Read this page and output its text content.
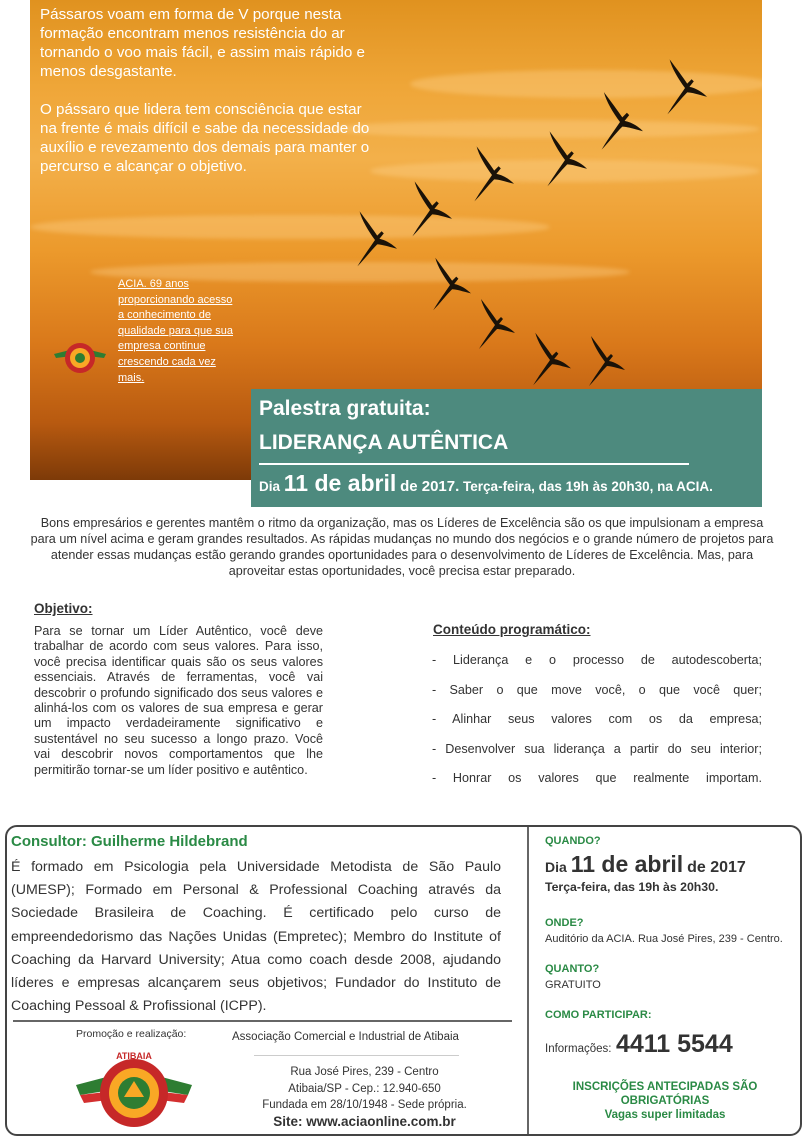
Pássaros voam em forma de V porque nesta formação encontram menos resistência do ar tornando o voo mais fácil, e assim mais rápido e menos desgastante.

O pássaro que lidera tem consciência que estar na frente é mais difícil e sabe da necessidade do auxílio e revezamento dos demais para manter o percurso e alcançar o objetivo.

ACIA. 69 anos proporcionando acesso a conhecimento de qualidade para que sua empresa continue crescendo cada vez mais.
Palestra gratuita:
LIDERANÇA AUTÊNTICA
Dia 11 de abril de 2017. Terça-feira, das 19h às 20h30, na ACIA.
Bons empresários e gerentes mantêm o ritmo da organização, mas os Líderes de Excelência são os que impulsionam a empresa para um nível acima e geram grandes resultados. As rápidas mudanças no mundo dos negócios e o grande número de projetos para atender essas mudanças estão gerando grandes oportunidades para o desenvolvimento de Líderes de Excelência. Mas, para aproveitar estas oportunidades, você precisa estar preparado.
Objetivo:
Para se tornar um Líder Autêntico, você deve trabalhar de acordo com seus valores. Para isso, você precisa identificar quais são os seus valores essenciais. Através de ferramentas, você vai descobrir o profundo significado dos seus valores e alinhá-los com os valores de sua empresa e gerar um impacto verdadeiramente significativo e sustentável no seu sucesso a longo prazo. Você vai descobrir novos comportamentos que lhe permitirão tornar-se um líder positivo e autêntico.
Conteúdo programático:
- Liderança e o processo de autodescoberta;
- Saber o que move você, o que você quer;
- Alinhar seus valores com os da empresa;
- Desenvolver sua liderança a partir do seu interior;
- Honrar os valores que realmente importam.
Consultor: Guilherme Hildebrand
É formado em Psicologia pela Universidade Metodista de São Paulo (UMESP); Formado em Personal & Professional Coaching através da Sociedade Brasileira de Coaching. É certificado pelo curso de empreendedorismo das Nações Unidas (Empretec); Membro do Institute of Coaching da Harvard University; Atua como coach desde 2008, ajudando líderes e empresas alcançarem seus objetivos; Fundador do Instituto de Coaching Pessoal & Profissional (ICPP).
Promoção e realização:
ATIBAIA
Associação Comercial e Industrial de Atibaia
Rua José Pires, 239 - Centro
Atibaia/SP - Cep.: 12.940-650
Fundada em 28/10/1948 - Sede própria.
Site: www.aciaonline.com.br
QUANDO?
Dia 11 de abril de 2017
Terça-feira, das 19h às 20h30.
ONDE?
Auditório da ACIA. Rua José Pires, 239 - Centro.
QUANTO?
GRATUITO
COMO PARTICIPAR:
Informações: 4411 5544
INSCRIÇÕES ANTECIPADAS SÃO
OBRIGATÓRIAS
Vagas super limitadas
